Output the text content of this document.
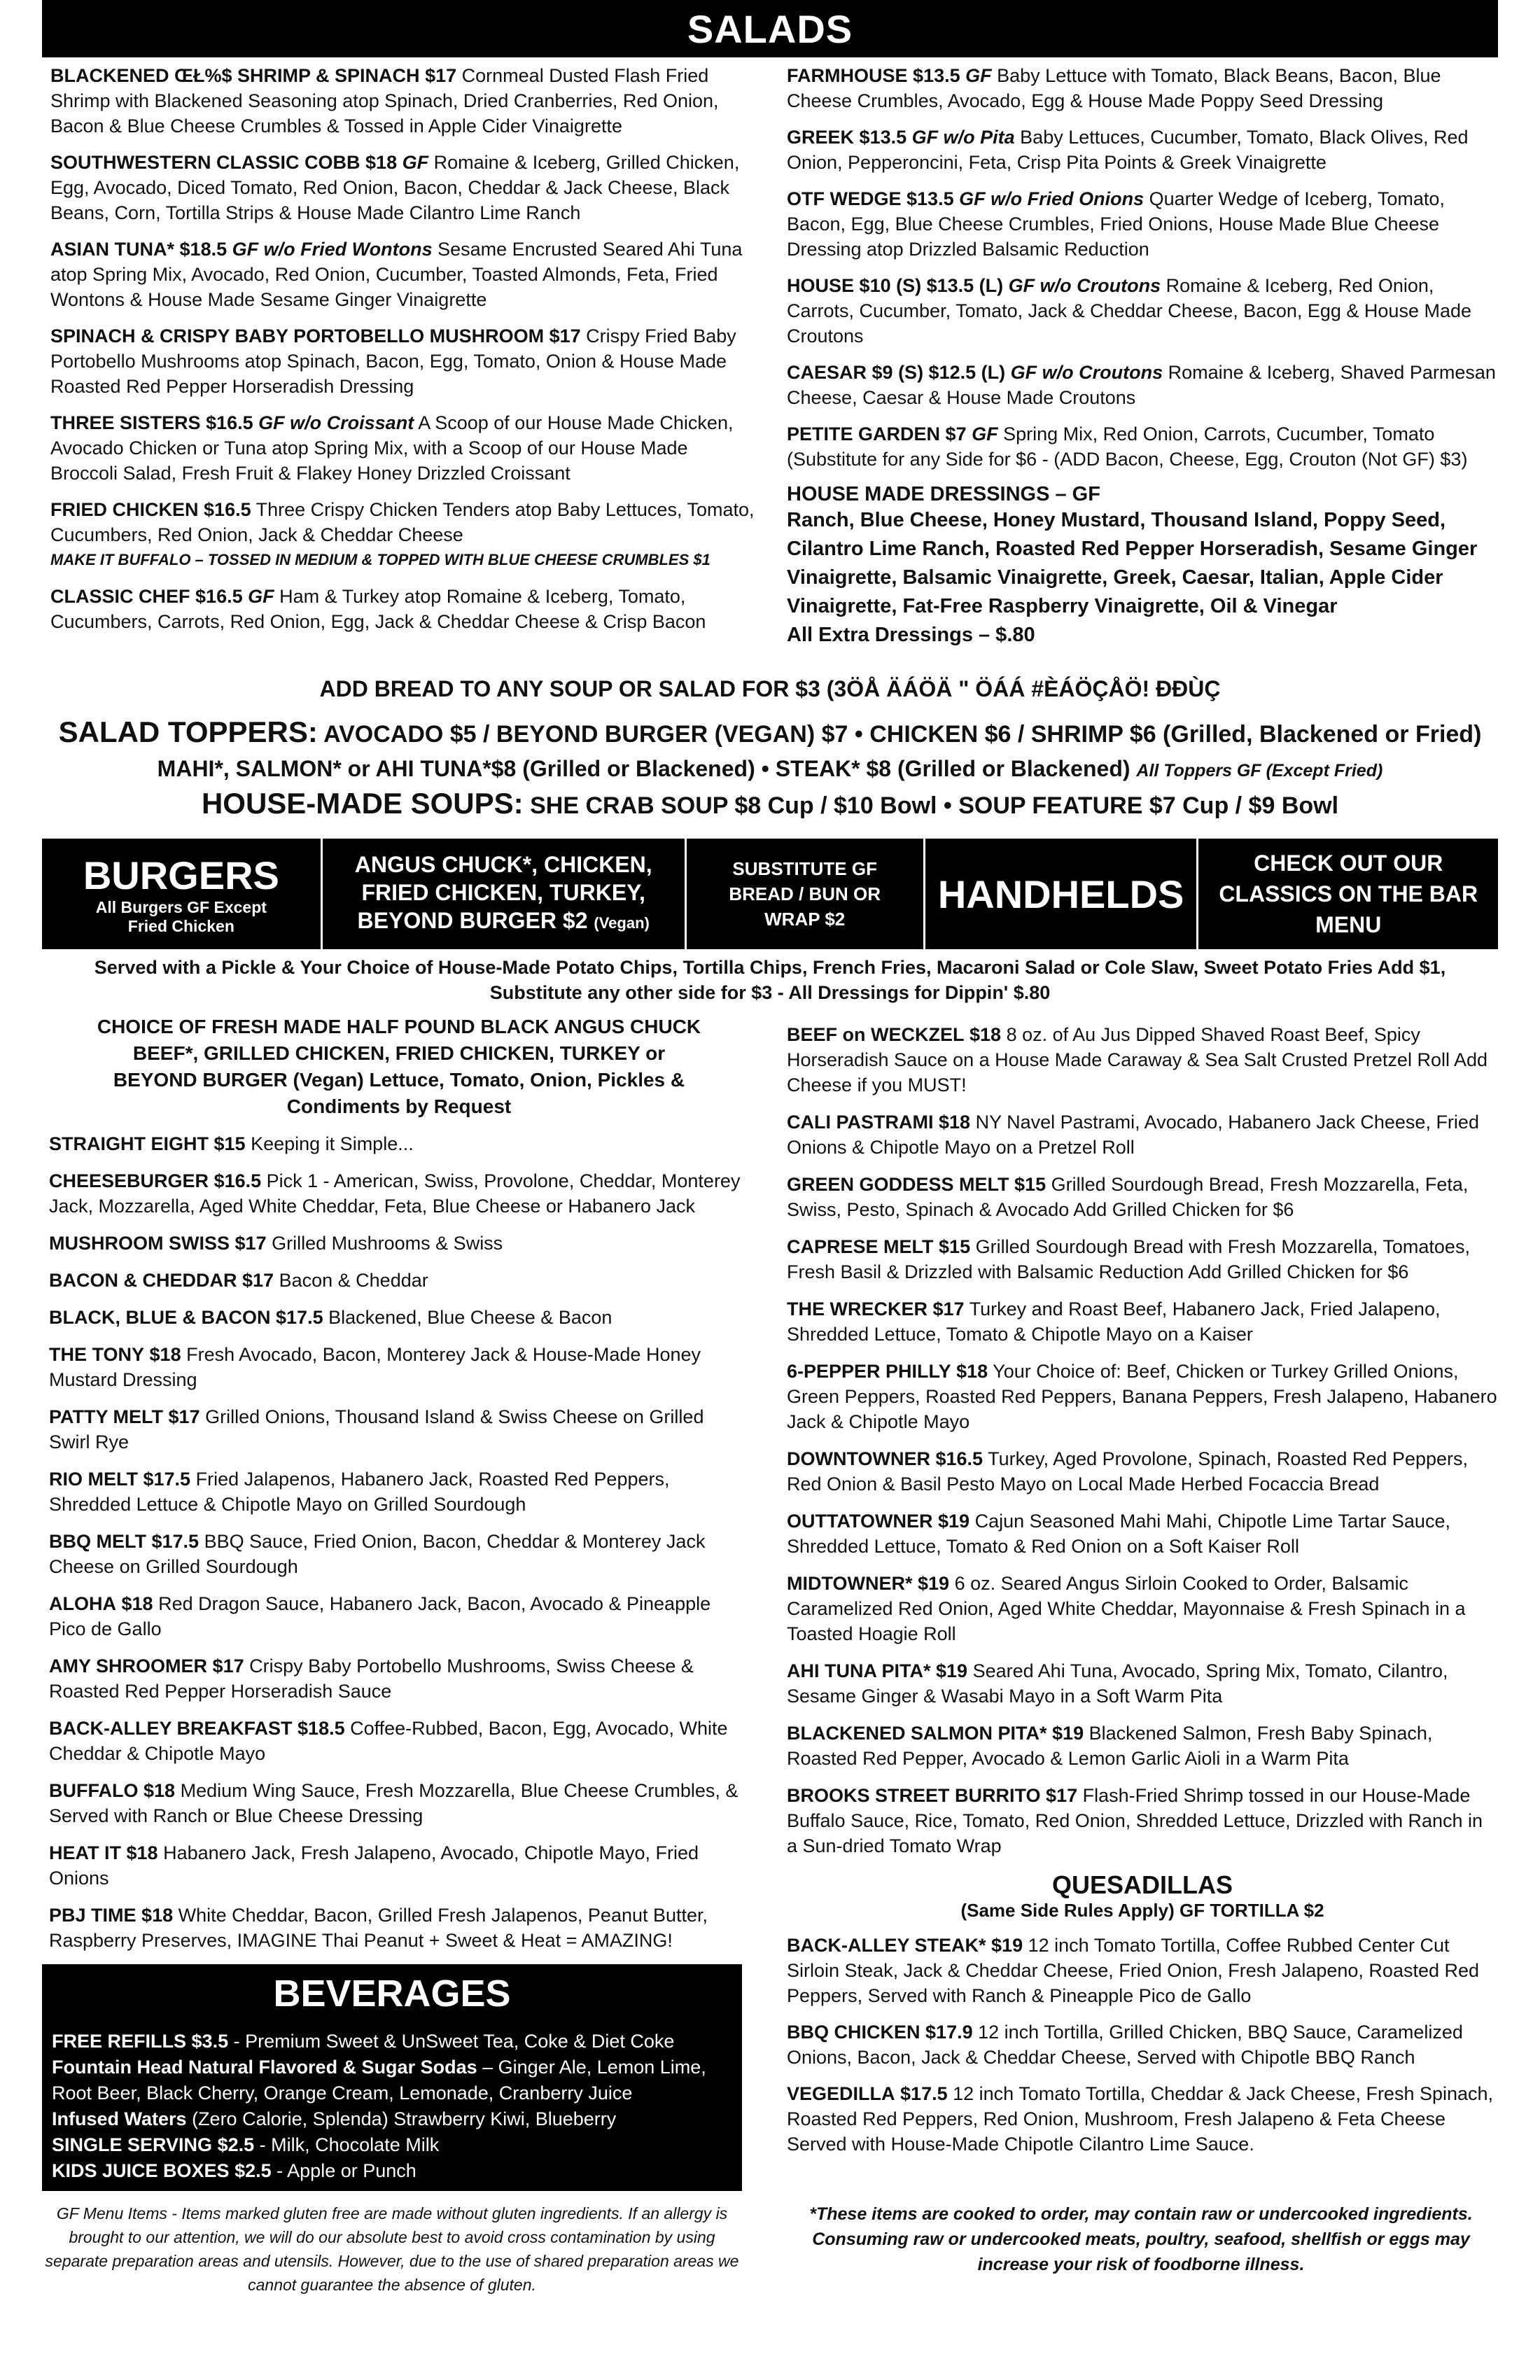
SALADS
BLACKENED ŒŁ%$ SHRIMP & SPINACH $17 Cornmeal Dusted Flash Fried Shrimp with Blackened Seasoning atop Spinach, Dried Cranberries, Red Onion, Bacon & Blue Cheese Crumbles & Tossed in Apple Cider Vinaigrette
SOUTHWESTERN CLASSIC COBB $18 GF Romaine & Iceberg, Grilled Chicken, Egg, Avocado, Diced Tomato, Red Onion, Bacon, Cheddar & Jack Cheese, Black Beans, Corn, Tortilla Strips & House Made Cilantro Lime Ranch
ASIAN TUNA* $18.5 GF w/o Fried Wontons Sesame Encrusted Seared Ahi Tuna atop Spring Mix, Avocado, Red Onion, Cucumber, Toasted Almonds, Feta, Fried Wontons & House Made Sesame Ginger Vinaigrette
SPINACH & CRISPY BABY PORTOBELLO MUSHROOM $17 Crispy Fried Baby Portobello Mushrooms atop Spinach, Bacon, Egg, Tomato, Onion & House Made Roasted Red Pepper Horseradish Dressing
THREE SISTERS $16.5 GF w/o Croissant A Scoop of our House Made Chicken, Avocado Chicken or Tuna atop Spring Mix, with a Scoop of our House Made Broccoli Salad, Fresh Fruit & Flakey Honey Drizzled Croissant
FRIED CHICKEN $16.5 Three Crispy Chicken Tenders atop Baby Lettuces, Tomato, Cucumbers, Red Onion, Jack & Cheddar Cheese
MAKE IT BUFFALO – TOSSED IN MEDIUM & TOPPED WITH BLUE CHEESE CRUMBLES $1
CLASSIC CHEF $16.5 GF Ham & Turkey atop Romaine & Iceberg, Tomato, Cucumbers, Carrots, Red Onion, Egg, Jack & Cheddar Cheese & Crisp Bacon
FARMHOUSE $13.5 GF Baby Lettuce with Tomato, Black Beans, Bacon, Blue Cheese Crumbles, Avocado, Egg & House Made Poppy Seed Dressing
GREEK $13.5 GF w/o Pita Baby Lettuces, Cucumber, Tomato, Black Olives, Red Onion, Pepperoncini, Feta, Crisp Pita Points & Greek Vinaigrette
OTF WEDGE $13.5 GF w/o Fried Onions Quarter Wedge of Iceberg, Tomato, Bacon, Egg, Blue Cheese Crumbles, Fried Onions, House Made Blue Cheese Dressing atop Drizzled Balsamic Reduction
HOUSE $10 (S) $13.5 (L) GF w/o Croutons Romaine & Iceberg, Red Onion, Carrots, Cucumber, Tomato, Jack & Cheddar Cheese, Bacon, Egg & House Made Croutons
CAESAR $9 (S) $12.5 (L) GF w/o Croutons Romaine & Iceberg, Shaved Parmesan Cheese, Caesar & House Made Croutons
PETITE GARDEN $7 GF Spring Mix, Red Onion, Carrots, Cucumber, Tomato (Substitute for any Side for $6 - (ADD Bacon, Cheese, Egg, Crouton (Not GF) $3)
HOUSE MADE DRESSINGS – GF
Ranch, Blue Cheese, Honey Mustard, Thousand Island, Poppy Seed, Cilantro Lime Ranch, Roasted Red Pepper Horseradish, Sesame Ginger Vinaigrette, Balsamic Vinaigrette, Greek, Caesar, Italian, Apple Cider Vinaigrette, Fat-Free Raspberry Vinaigrette, Oil & Vinegar
All Extra Dressings – $.80
ADD BREAD TO ANY SOUP OR SALAD FOR $3 (3ÖÅ ÄÁÖÄ " ÖÁÁ #ÈÁÖÇÅÖ! ÐÐÙÇ
SALAD TOPPERS: AVOCADO $5 / BEYOND BURGER (VEGAN) $7 • CHICKEN $6 / SHRIMP $6 (Grilled, Blackened or Fried)
MAHI*, SALMON* or AHI TUNA*$8 (Grilled or Blackened) • STEAK* $8 (Grilled or Blackened) All Toppers GF (Except Fried)
HOUSE-MADE SOUPS: SHE CRAB SOUP $8 Cup / $10 Bowl • SOUP FEATURE $7 Cup / $9 Bowl
BURGERS
All Burgers GF Except Fried Chicken
ANGUS CHUCK*, CHICKEN, FRIED CHICKEN, TURKEY, BEYOND BURGER $2 (Vegan)
SUBSTITUTE GF BREAD / BUN OR WRAP $2
HANDHELDS
CHECK OUT OUR CLASSICS ON THE BAR MENU
Served with a Pickle & Your Choice of House-Made Potato Chips, Tortilla Chips, French Fries, Macaroni Salad or Cole Slaw, Sweet Potato Fries Add $1, Substitute any other side for $3 - All Dressings for Dippin' $.80
CHOICE OF FRESH MADE HALF POUND BLACK ANGUS CHUCK BEEF*, GRILLED CHICKEN, FRIED CHICKEN, TURKEY or BEYOND BURGER (Vegan) Lettuce, Tomato, Onion, Pickles & Condiments by Request
STRAIGHT EIGHT $15 Keeping it Simple...
CHEESEBURGER $16.5 Pick 1 - American, Swiss, Provolone, Cheddar, Monterey Jack, Mozzarella, Aged White Cheddar, Feta, Blue Cheese or Habanero Jack
MUSHROOM SWISS $17 Grilled Mushrooms & Swiss
BACON & CHEDDAR $17 Bacon & Cheddar
BLACK, BLUE & BACON $17.5 Blackened, Blue Cheese & Bacon
THE TONY $18 Fresh Avocado, Bacon, Monterey Jack & House-Made Honey Mustard Dressing
PATTY MELT $17 Grilled Onions, Thousand Island & Swiss Cheese on Grilled Swirl Rye
RIO MELT $17.5 Fried Jalapenos, Habanero Jack, Roasted Red Peppers, Shredded Lettuce & Chipotle Mayo on Grilled Sourdough
BBQ MELT $17.5 BBQ Sauce, Fried Onion, Bacon, Cheddar & Monterey Jack Cheese on Grilled Sourdough
ALOHA $18 Red Dragon Sauce, Habanero Jack, Bacon, Avocado & Pineapple Pico de Gallo
AMY SHROOMER $17 Crispy Baby Portobello Mushrooms, Swiss Cheese & Roasted Red Pepper Horseradish Sauce
BACK-ALLEY BREAKFAST $18.5 Coffee-Rubbed, Bacon, Egg, Avocado, White Cheddar & Chipotle Mayo
BUFFALO $18 Medium Wing Sauce, Fresh Mozzarella, Blue Cheese Crumbles, & Served with Ranch or Blue Cheese Dressing
HEAT IT $18 Habanero Jack, Fresh Jalapeno, Avocado, Chipotle Mayo, Fried Onions
PBJ TIME $18 White Cheddar, Bacon, Grilled Fresh Jalapenos, Peanut Butter, Raspberry Preserves, IMAGINE Thai Peanut + Sweet & Heat = AMAZING!
BEEF on WECKZEL $18 8 oz. of Au Jus Dipped Shaved Roast Beef, Spicy Horseradish Sauce on a House Made Caraway & Sea Salt Crusted Pretzel Roll Add Cheese if you MUST!
CALI PASTRAMI $18 NY Navel Pastrami, Avocado, Habanero Jack Cheese, Fried Onions & Chipotle Mayo on a Pretzel Roll
GREEN GODDESS MELT $15 Grilled Sourdough Bread, Fresh Mozzarella, Feta, Swiss, Pesto, Spinach & Avocado Add Grilled Chicken for $6
CAPRESE MELT $15 Grilled Sourdough Bread with Fresh Mozzarella, Tomatoes, Fresh Basil & Drizzled with Balsamic Reduction Add Grilled Chicken for $6
THE WRECKER $17 Turkey and Roast Beef, Habanero Jack, Fried Jalapeno, Shredded Lettuce, Tomato & Chipotle Mayo on a Kaiser
6-PEPPER PHILLY $18 Your Choice of: Beef, Chicken or Turkey Grilled Onions, Green Peppers, Roasted Red Peppers, Banana Peppers, Fresh Jalapeno, Habanero Jack & Chipotle Mayo
DOWNTOWNER $16.5 Turkey, Aged Provolone, Spinach, Roasted Red Peppers, Red Onion & Basil Pesto Mayo on Local Made Herbed Focaccia Bread
OUTTATOWNER $19 Cajun Seasoned Mahi Mahi, Chipotle Lime Tartar Sauce, Shredded Lettuce, Tomato & Red Onion on a Soft Kaiser Roll
MIDTOWNER* $19 6 oz. Seared Angus Sirloin Cooked to Order, Balsamic Caramelized Red Onion, Aged White Cheddar, Mayonnaise & Fresh Spinach in a Toasted Hoagie Roll
AHI TUNA PITA* $19 Seared Ahi Tuna, Avocado, Spring Mix, Tomato, Cilantro, Sesame Ginger & Wasabi Mayo in a Soft Warm Pita
BLACKENED SALMON PITA* $19 Blackened Salmon, Fresh Baby Spinach, Roasted Red Pepper, Avocado & Lemon Garlic Aioli in a Warm Pita
BROOKS STREET BURRITO $17 Flash-Fried Shrimp tossed in our House-Made Buffalo Sauce, Rice, Tomato, Red Onion, Shredded Lettuce, Drizzled with Ranch in a Sun-dried Tomato Wrap
QUESADILLAS
(Same Side Rules Apply) GF TORTILLA $2
BACK-ALLEY STEAK* $19 12 inch Tomato Tortilla, Coffee Rubbed Center Cut Sirloin Steak, Jack & Cheddar Cheese, Fried Onion, Fresh Jalapeno, Roasted Red Peppers, Served with Ranch & Pineapple Pico de Gallo
BBQ CHICKEN $17.9 12 inch Tortilla, Grilled Chicken, BBQ Sauce, Caramelized Onions, Bacon, Jack & Cheddar Cheese, Served with Chipotle BBQ Ranch
VEGEDILLA $17.5 12 inch Tomato Tortilla, Cheddar & Jack Cheese, Fresh Spinach, Roasted Red Peppers, Red Onion, Mushroom, Fresh Jalapeno & Feta Cheese Served with House-Made Chipotle Cilantro Lime Sauce.
BEVERAGES
FREE REFILLS $3.5 - Premium Sweet & UnSweet Tea, Coke & Diet Coke
Fountain Head Natural Flavored & Sugar Sodas – Ginger Ale, Lemon Lime, Root Beer, Black Cherry, Orange Cream, Lemonade, Cranberry Juice
Infused Waters (Zero Calorie, Splenda) Strawberry Kiwi, Blueberry
SINGLE SERVING $2.5 - Milk, Chocolate Milk
KIDS JUICE BOXES $2.5 - Apple or Punch
GF Menu Items - Items marked gluten free are made without gluten ingredients. If an allergy is brought to our attention, we will do our absolute best to avoid cross contamination by using separate preparation areas and utensils. However, due to the use of shared preparation areas we cannot guarantee the absence of gluten.
*These items are cooked to order, may contain raw or undercooked ingredients. Consuming raw or undercooked meats, poultry, seafood, shellfish or eggs may increase your risk of foodborne illness.
